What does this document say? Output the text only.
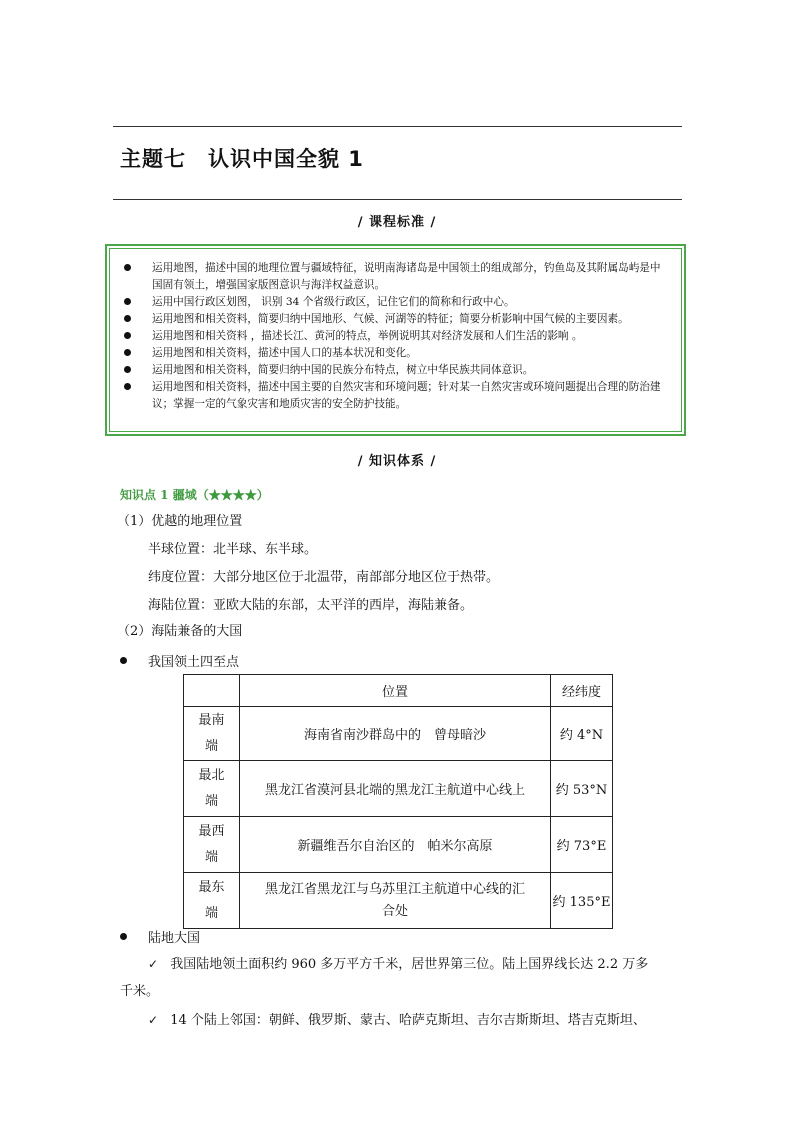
主题七　认识中国全貌 1
/ 课程标准 /
运用地图，描述中国的地理位置与疆域特征，说明南海诸岛是中国领土的组成部分，钓鱼岛及其附属岛屿是中国固有领土，增强国家版图意识与海洋权益意识。
运用中国行政区划图， 识别 34 个省级行政区，记住它们的简称和行政中心。
运用地图和相关资料，简要归纳中国地形、气候、河湖等的特征；简要分析影响中国气候的主要因素。
运用地图和相关资料 ，描述长江、黄河的特点，举例说明其对经济发展和人们生活的影响 。
运用地图和相关资料，描述中国人口的基本状况和变化。
运用地图和相关资料，简要归纳中国的民族分布特点，树立中华民族共同体意识。
运用地图和相关资料，描述中国主要的自然灾害和环境问题；针对某一自然灾害或环境问题提出合理的防治建议；掌握一定的气象灾害和地质灾害的安全防护技能。
/ 知识体系 /
知识点 1 疆域（★★★★）
（1）优越的地理位置
半球位置：北半球、东半球。
纬度位置：大部分地区位于北温带，南部部分地区位于热带。
海陆位置：亚欧大陆的东部，太平洋的西岸，海陆兼备。
（2）海陆兼备的大国
我国领土四至点
	位置	经纬度
最南
端	海南省南沙群岛中的　曾母暗沙	约 4°N
最北
端	黑龙江省漠河县北端的黑龙江主航道中心线上	约 53°N
最西
端	新疆维吾尔自治区的　帕米尔高原	约 73°E
最东
端	黑龙江省黑龙江与乌苏里江主航道中心线的汇
合处	约 135°E
陆地大国
✓ 我国陆地领土面积约 960 多万平方千米，居世界第三位。陆上国界线长达 2.2 万多
千米。
✓ 14 个陆上邻国：朝鲜、俄罗斯、蒙古、哈萨克斯坦、吉尔吉斯斯坦、塔吉克斯坦、
